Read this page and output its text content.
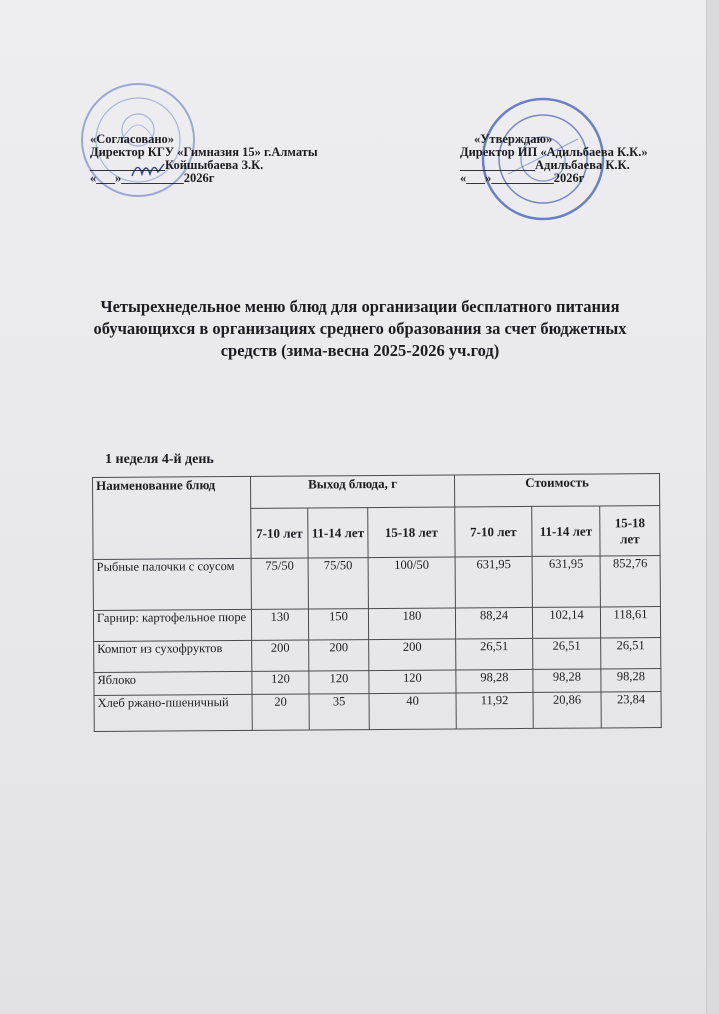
«Согласовано»
Директор КГУ «Гимназия 15» г.Алматы
____________Койшыбаева З.К.
«___»__________2026г
«Утверждаю»
Директор ИП «Адильбаева К.К.»
____________Адильбаева К.К.
«___»__________2026г
Четырехнедельное меню блюд для организации бесплатного питания
обучающихся в организациях среднего образования за счет бюджетных
средств (зима-весна 2025-2026 уч.год)
1 неделя 4-й день
Наименование блюд	Выход блюда, г			Стоимость		
	7-10 лет	11-14 лет	15-18 лет	7-10 лет	11-14 лет	15-18 лет
Рыбные палочки с соусом	75/50	75/50	100/50	631,95	631,95	852,76
Гарнир: картофельное пюре	130	150	180	88,24	102,14	118,61
Компот из сухофруктов	200	200	200	26,51	26,51	26,51
Яблоко	120	120	120	98,28	98,28	98,28
Хлеб ржано-пшеничный	20	35	40	11,92	20,86	23,84
